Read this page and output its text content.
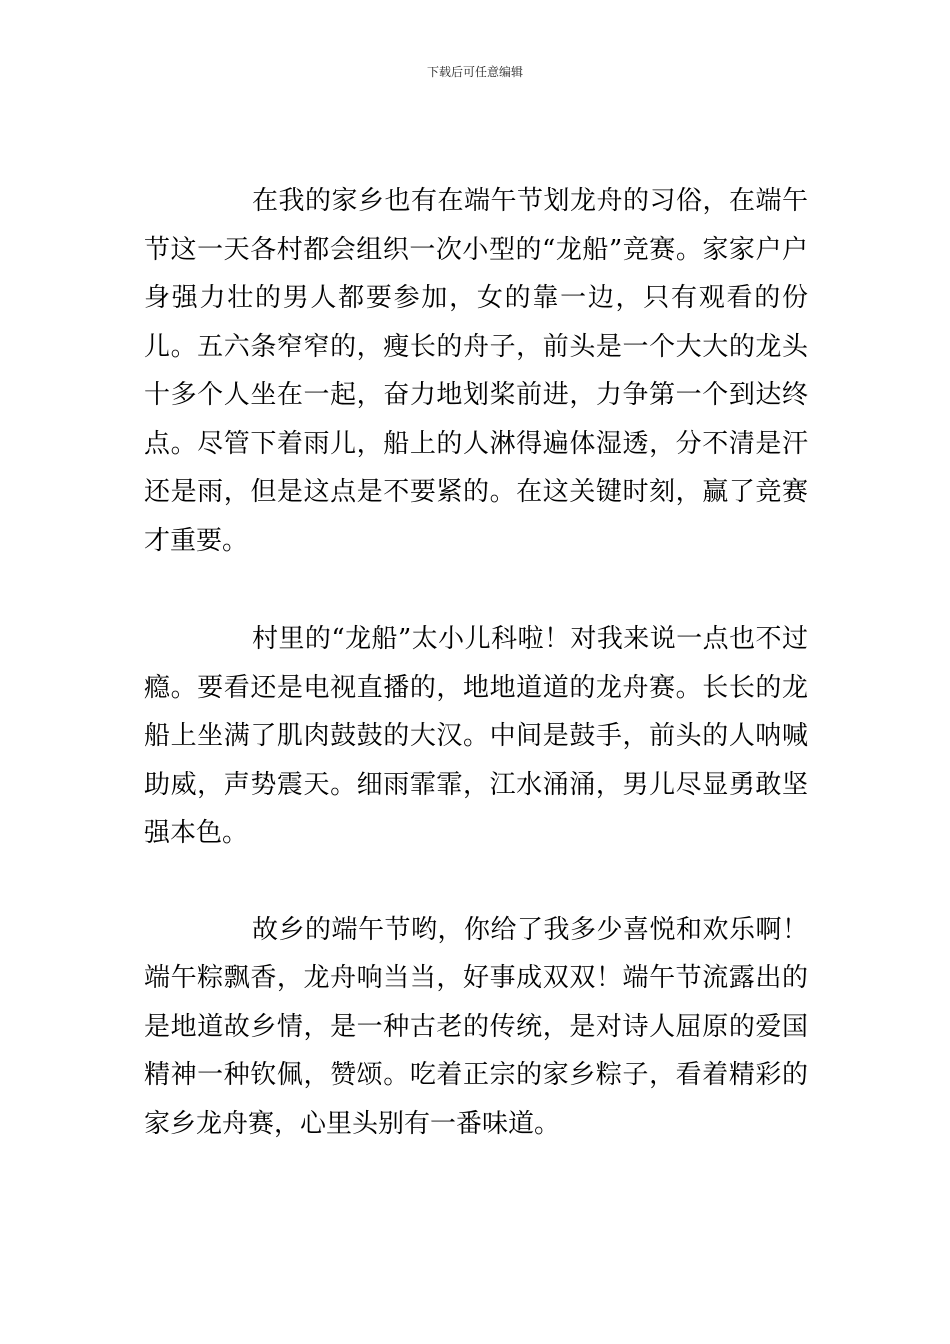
下载后可任意编辑

在我的家乡也有在端午节划龙舟的习俗，在端午节这一天各村都会组织一次小型的“龙船”竞赛。家家户户身强力壮的男人都要参加，女的靠一边，只有观看的份儿。五六条窄窄的，瘦长的舟子，前头是一个大大的龙头十多个人坐在一起，奋力地划桨前进，力争第一个到达终点。尽管下着雨儿，船上的人淋得遍体湿透，分不清是汗还是雨，但是这点是不要紧的。在这关键时刻，赢了竞赛才重要。

村里的“龙船”太小儿科啦！对我来说一点也不过瘾。要看还是电视直播的，地地道道的龙舟赛。长长的龙船上坐满了肌肉鼓鼓的大汉。中间是鼓手，前头的人呐喊助威，声势震天。细雨霏霏，江水涌涌，男儿尽显勇敢坚强本色。

故乡的端午节哟，你给了我多少喜悦和欢乐啊！端午粽飘香，龙舟响当当，好事成双双！端午节流露出的是地道故乡情，是一种古老的传统，是对诗人屈原的爱国精神一种钦佩，赞颂。吃着正宗的家乡粽子，看着精彩的家乡龙舟赛，心里头别有一番味道。
